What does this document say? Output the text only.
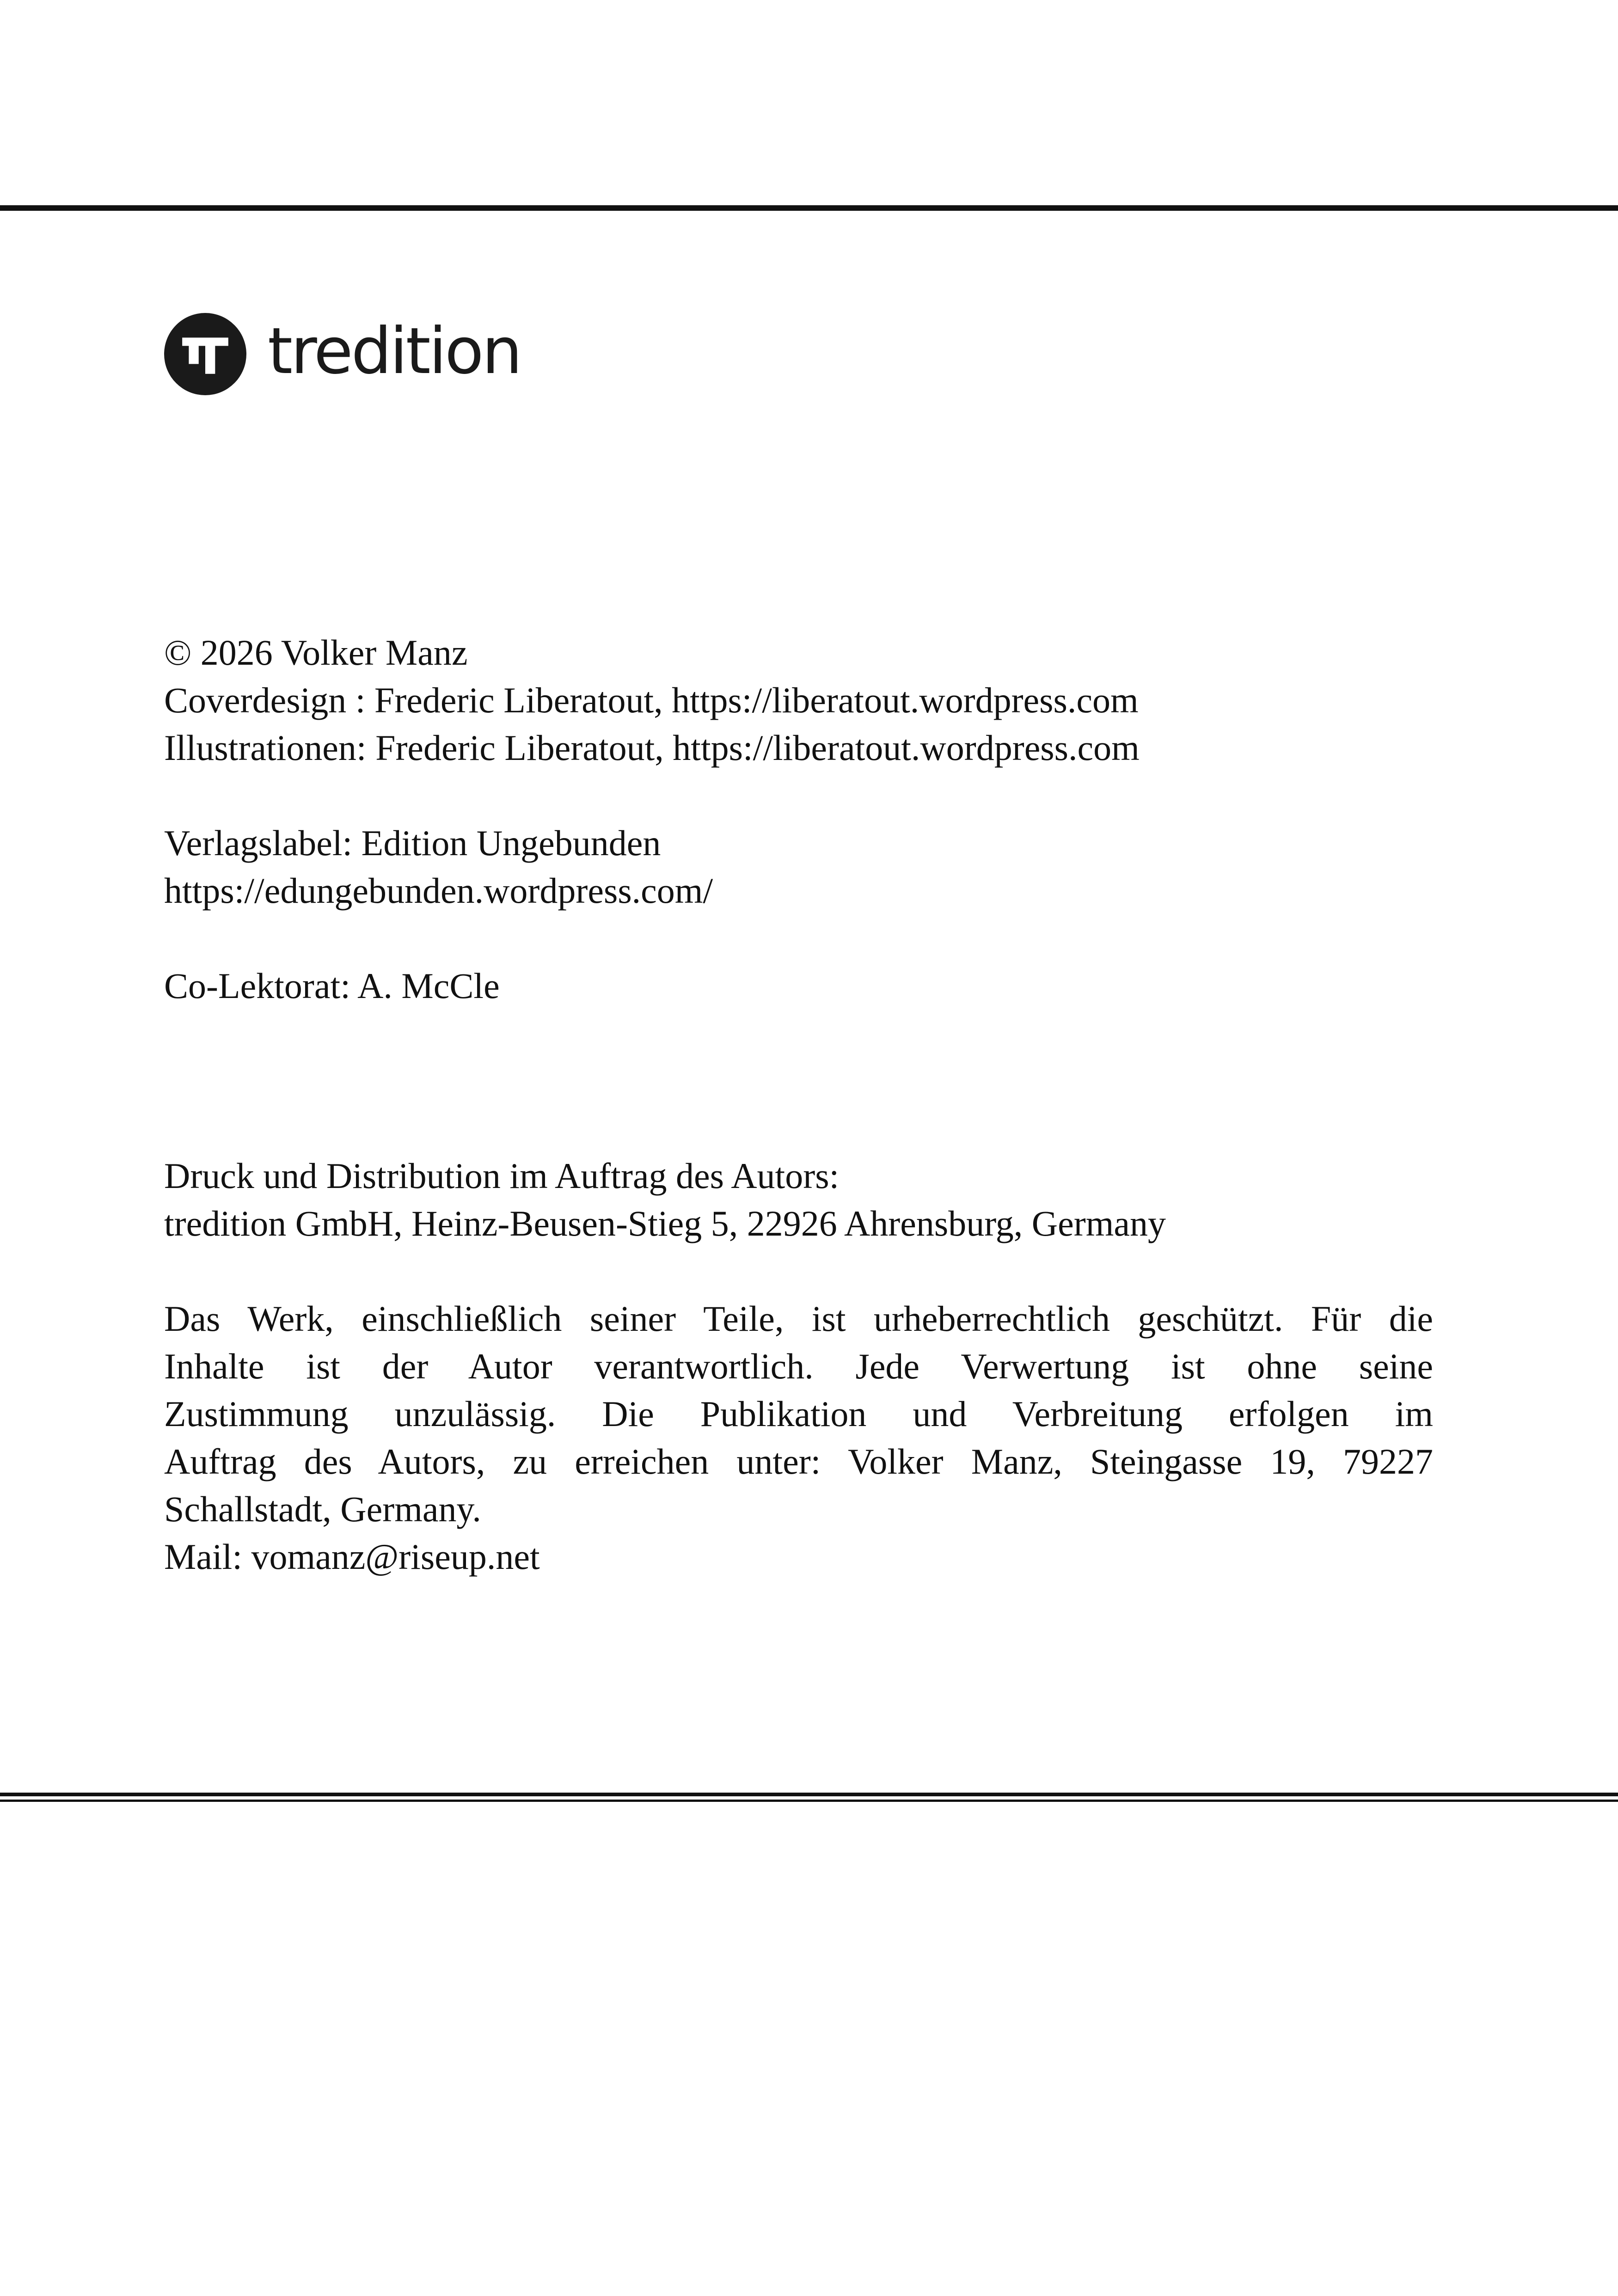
tredition
© 2026 Volker Manz
Coverdesign : Frederic Liberatout, https://liberatout.wordpress.com
Illustrationen: Frederic Liberatout, https://liberatout.wordpress.com
Verlagslabel: Edition Ungebunden
https://edungebunden.wordpress.com/
Co-Lektorat: A. McCle
Druck und Distribution im Auftrag des Autors:
tredition GmbH, Heinz-Beusen-Stieg 5, 22926 Ahrensburg, Germany
Das Werk, einschließlich seiner Teile, ist urheberrechtlich geschützt. Für die
Inhalte ist der Autor verantwortlich. Jede Verwertung ist ohne seine
Zustimmung unzulässig. Die Publikation und Verbreitung erfolgen im
Auftrag des Autors, zu erreichen unter: Volker Manz, Steingasse 19, 79227
Schallstadt, Germany.
Mail: vomanz@riseup.net
